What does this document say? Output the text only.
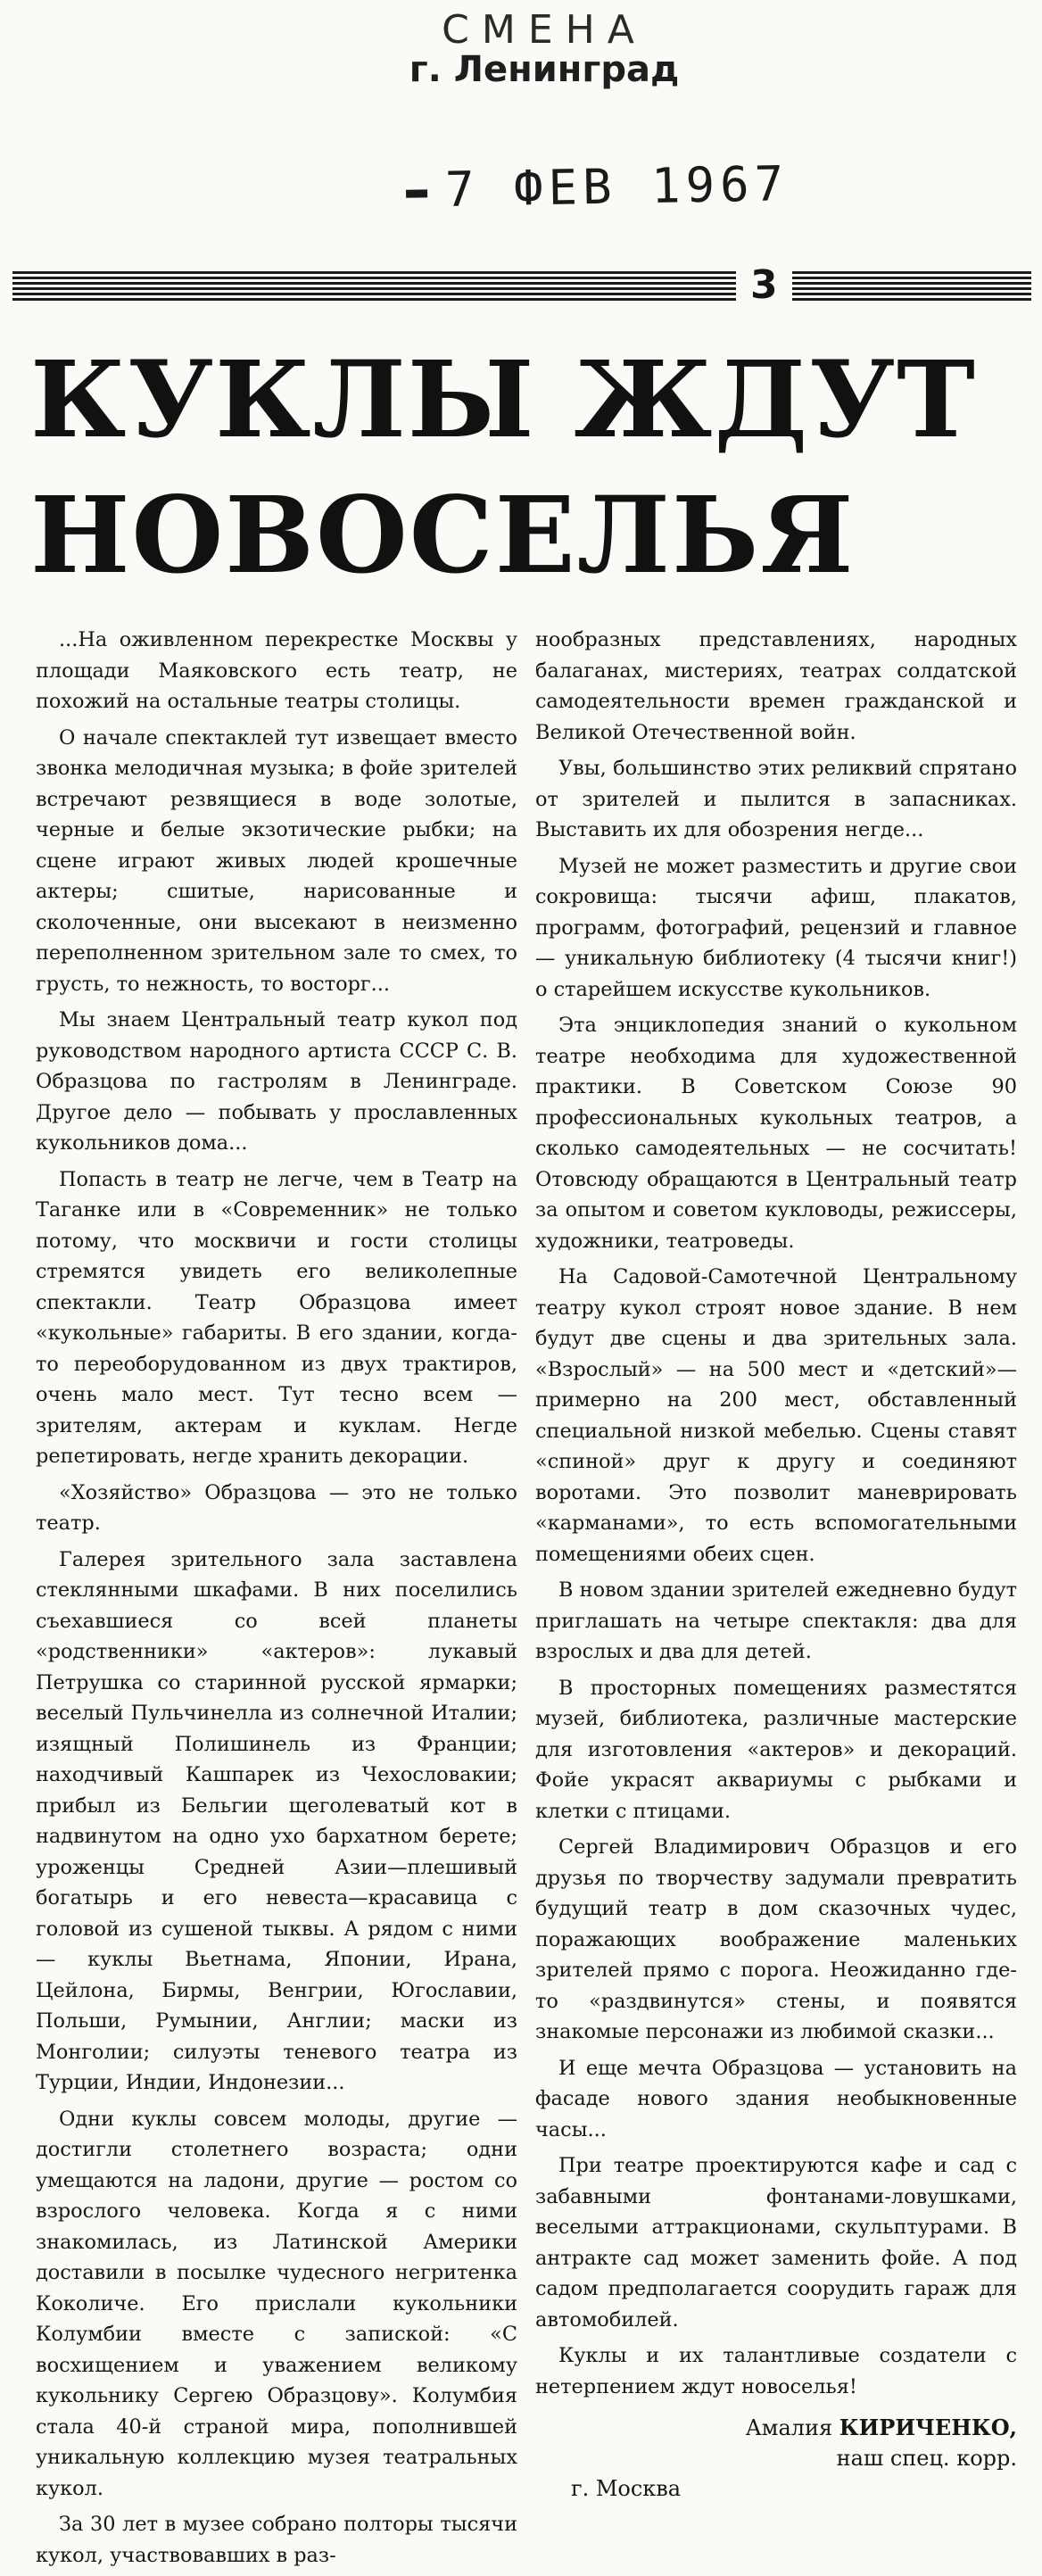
СМЕНА
г. Ленинград
7 ФЕВ 1967
3
КУКЛЫ ЖДУТ НОВОСЕЛЬЯ

...На оживленном перекрестке Москвы у площади Маяковского есть театр, не похожий на остальные театры столицы.

О начале спектаклей тут извещает вместо звонка мелодичная музыка; в фойе зрителей встречают резвящиеся в воде золотые, черные и белые экзотические рыбки; на сцене играют живых людей крошечные актеры; сшитые, нарисованные и сколоченные, они высекают в неизменно переполненном зрительном зале то смех, то грусть, то нежность, то восторг...

Мы знаем Центральный театр кукол под руководством народного артиста СССР С. В. Образцова по гастролям в Ленинграде. Другое дело — побывать у прославленных кукольников дома...

Попасть в театр не легче, чем в Театр на Таганке или в «Современник» не только потому, что москвичи и гости столицы стремятся увидеть его великолепные спектакли. Театр Образцова имеет «кукольные» габариты. В его здании, когда-то переоборудованном из двух трактиров, очень мало мест. Тут тесно всем — зрителям, актерам и куклам. Негде репетировать, негде хранить декорации.

«Хозяйство» Образцова — это не только театр.

Галерея зрительного зала заставлена стеклянными шкафами. В них поселились съехавшиеся со всей планеты «родственники» «актеров»: лукавый Петрушка со старинной русской ярмарки; веселый Пульчинелла из солнечной Италии; изящный Полишинель из Франции; находчивый Кашпарек из Чехословакии; прибыл из Бельгии щеголеватый кот в надвинутом на одно ухо бархатном берете; уроженцы Средней Азии—плешивый богатырь и его невеста—красавица с головой из сушеной тыквы. А рядом с ними — куклы Вьетнама, Японии, Ирана, Цейлона, Бирмы, Венгрии, Югославии, Польши, Румынии, Англии; маски из Монголии; силуэты теневого театра из Турции, Индии, Индонезии...

Одни куклы совсем молоды, другие — достигли столетнего возраста; одни умещаются на ладони, другие — ростом со взрослого человека. Когда я с ними знакомилась, из Латинской Америки доставили в посылке чудесного негритенка Коколиче. Его прислали кукольники Колумбии вместе с запиской: «С восхищением и уважением великому кукольнику Сергею Образцову». Колумбия стала 40-й страной мира, пополнившей уникальную коллекцию музея театральных кукол.

За 30 лет в музее собрано полторы тысячи кукол, участвовавших в раз-

нообразных представлениях, народных балаганах, мистериях, театрах солдатской самодеятельности времен гражданской и Великой Отечественной войн.

Увы, большинство этих реликвий спрятано от зрителей и пылится в запасниках. Выставить их для обозрения негде...

Музей не может разместить и другие свои сокровища: тысячи афиш, плакатов, программ, фотографий, рецензий и главное — уникальную библиотеку (4 тысячи книг!) о старейшем искусстве кукольников.

Эта энциклопедия знаний о кукольном театре необходима для художественной практики. В Советском Союзе 90 профессиональных кукольных театров, а сколько самодеятельных — не сосчитать! Отовсюду обращаются в Центральный театр за опытом и советом кукловоды, режиссеры, художники, театроведы.

На Садовой-Самотечной Центральному театру кукол строят новое здание. В нем будут две сцены и два зрительных зала. «Взрослый» — на 500 мест и «детский»—примерно на 200 мест, обставленный специальной низкой мебелью. Сцены ставят «спиной» друг к другу и соединяют воротами. Это позволит маневрировать «карманами», то есть вспомогательными помещениями обеих сцен.

В новом здании зрителей ежедневно будут приглашать на четыре спектакля: два для взрослых и два для детей.

В просторных помещениях разместятся музей, библиотека, различные мастерские для изготовления «актеров» и декораций. Фойе украсят аквариумы с рыбками и клетки с птицами.

Сергей Владимирович Образцов и его друзья по творчеству задумали превратить будущий театр в дом сказочных чудес, поражающих воображение маленьких зрителей прямо с порога. Неожиданно где-то «раздвинутся» стены, и появятся знакомые персонажи из любимой сказки...

И еще мечта Образцова — установить на фасаде нового здания необыкновенные часы...

При театре проектируются кафе и сад с забавными фонтанами-ловушками, веселыми аттракционами, скульптурами. В антракте сад может заменить фойе. А под садом предполагается соорудить гараж для автомобилей.

Куклы и их талантливые создатели с нетерпением ждут новоселья!

Амалия КИРИЧЕНКО,
наш спец. корр.
г. Москва
